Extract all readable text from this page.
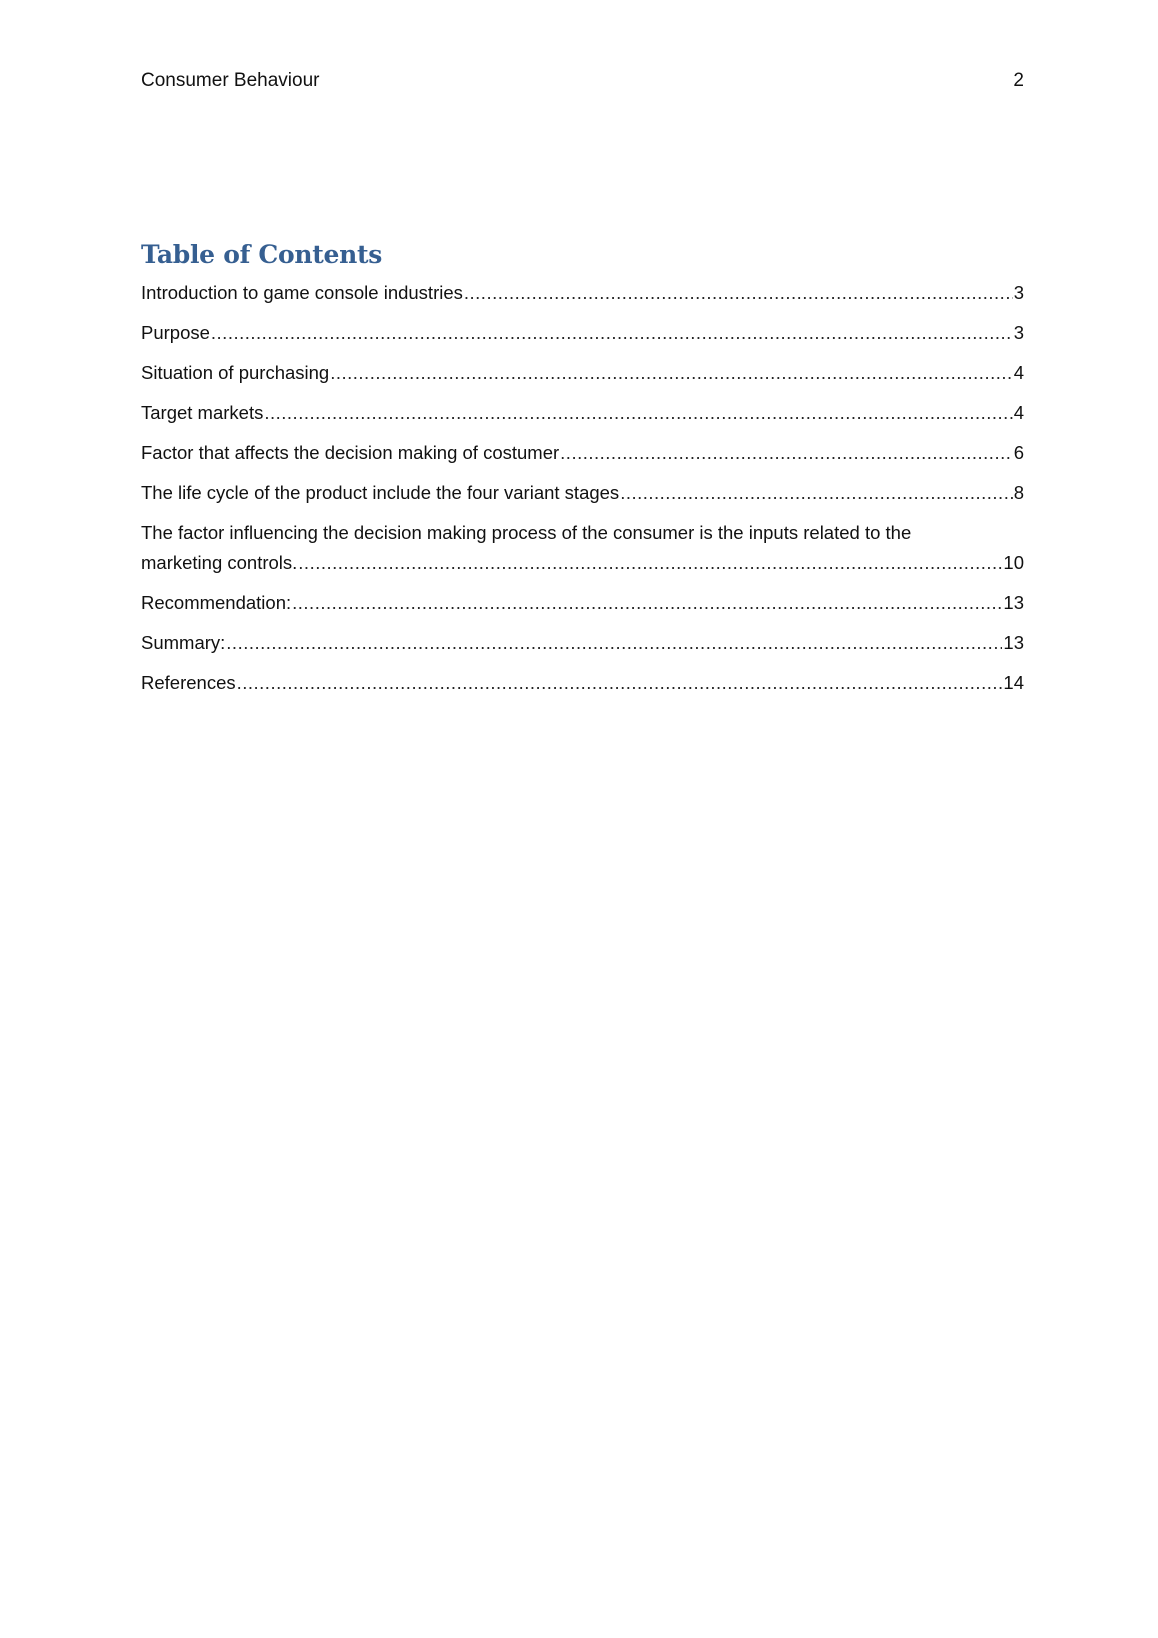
Consumer Behaviour	2
Table of Contents
Introduction to game console industries .....	3
Purpose .....	3
Situation of purchasing .....	4
Target markets .....	4
Factor that affects the decision making of costumer .....	6
The life cycle of the product include the four variant stages .....	8
The factor influencing the decision making process of the consumer is the inputs related to the
marketing controls. .....	10
Recommendation: .....	13
Summary: .....	13
References .....	14
